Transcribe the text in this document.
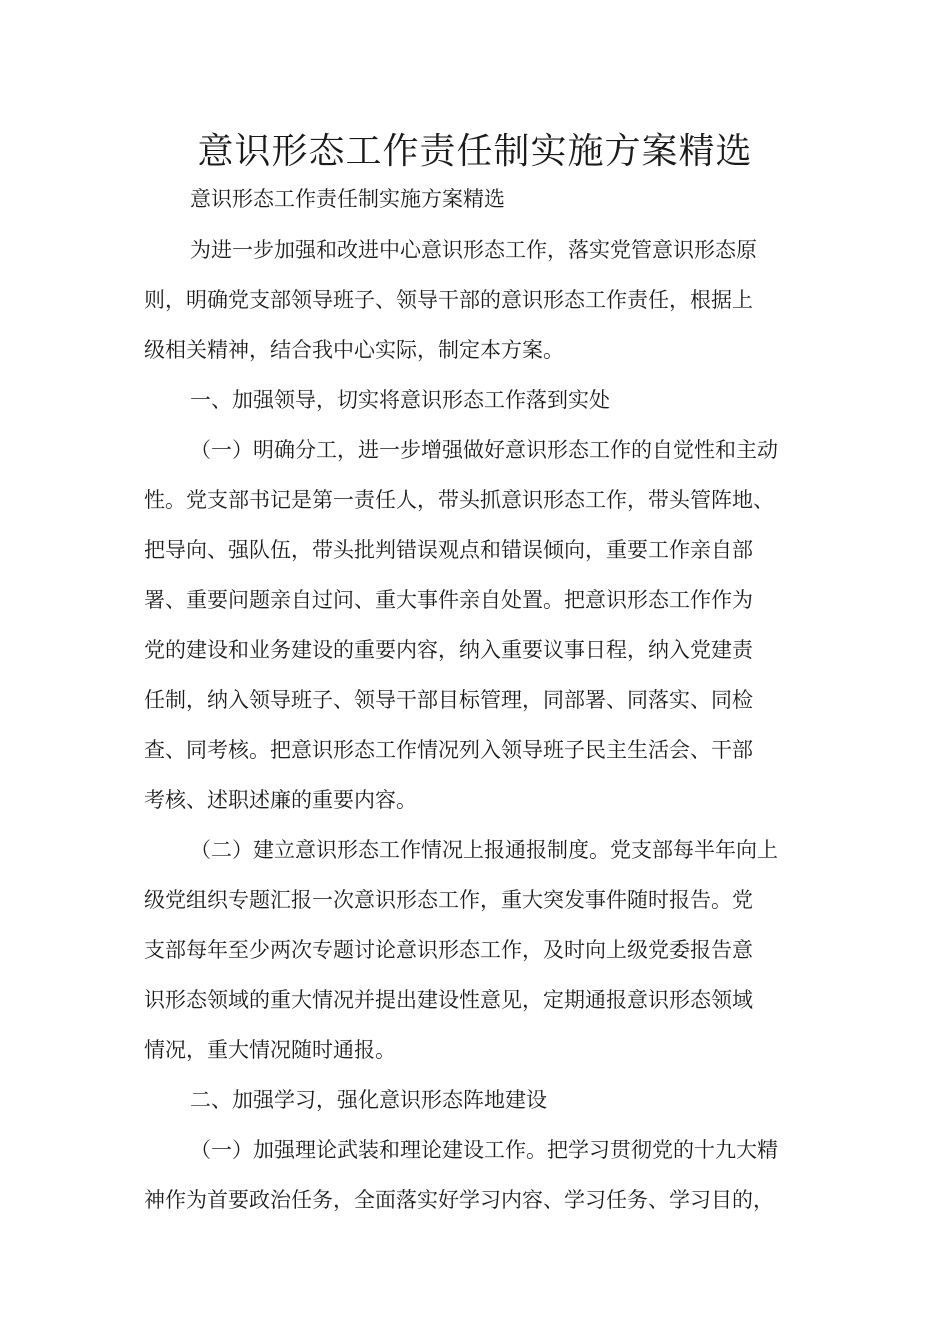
意识形态工作责任制实施方案精选

意识形态工作责任制实施方案精选

为进一步加强和改进中心意识形态工作，落实党管意识形态原

则，明确党支部领导班子、领导干部的意识形态工作责任，根据上

级相关精神，结合我中心实际，制定本方案。

一、加强领导，切实将意识形态工作落到实处

（一）明确分工，进一步增强做好意识形态工作的自觉性和主动

性。党支部书记是第一责任人，带头抓意识形态工作，带头管阵地、

把导向、强队伍，带头批判错误观点和错误倾向，重要工作亲自部

署、重要问题亲自过问、重大事件亲自处置。把意识形态工作作为

党的建设和业务建设的重要内容，纳入重要议事日程，纳入党建责

任制，纳入领导班子、领导干部目标管理，同部署、同落实、同检

查、同考核。把意识形态工作情况列入领导班子民主生活会、干部

考核、述职述廉的重要内容。

（二）建立意识形态工作情况上报通报制度。党支部每半年向上

级党组织专题汇报一次意识形态工作，重大突发事件随时报告。党

支部每年至少两次专题讨论意识形态工作，及时向上级党委报告意

识形态领域的重大情况并提出建设性意见，定期通报意识形态领域

情况，重大情况随时通报。

二、加强学习，强化意识形态阵地建设

（一）加强理论武装和理论建设工作。把学习贯彻党的十九大精

神作为首要政治任务，全面落实好学习内容、学习任务、学习目的，
